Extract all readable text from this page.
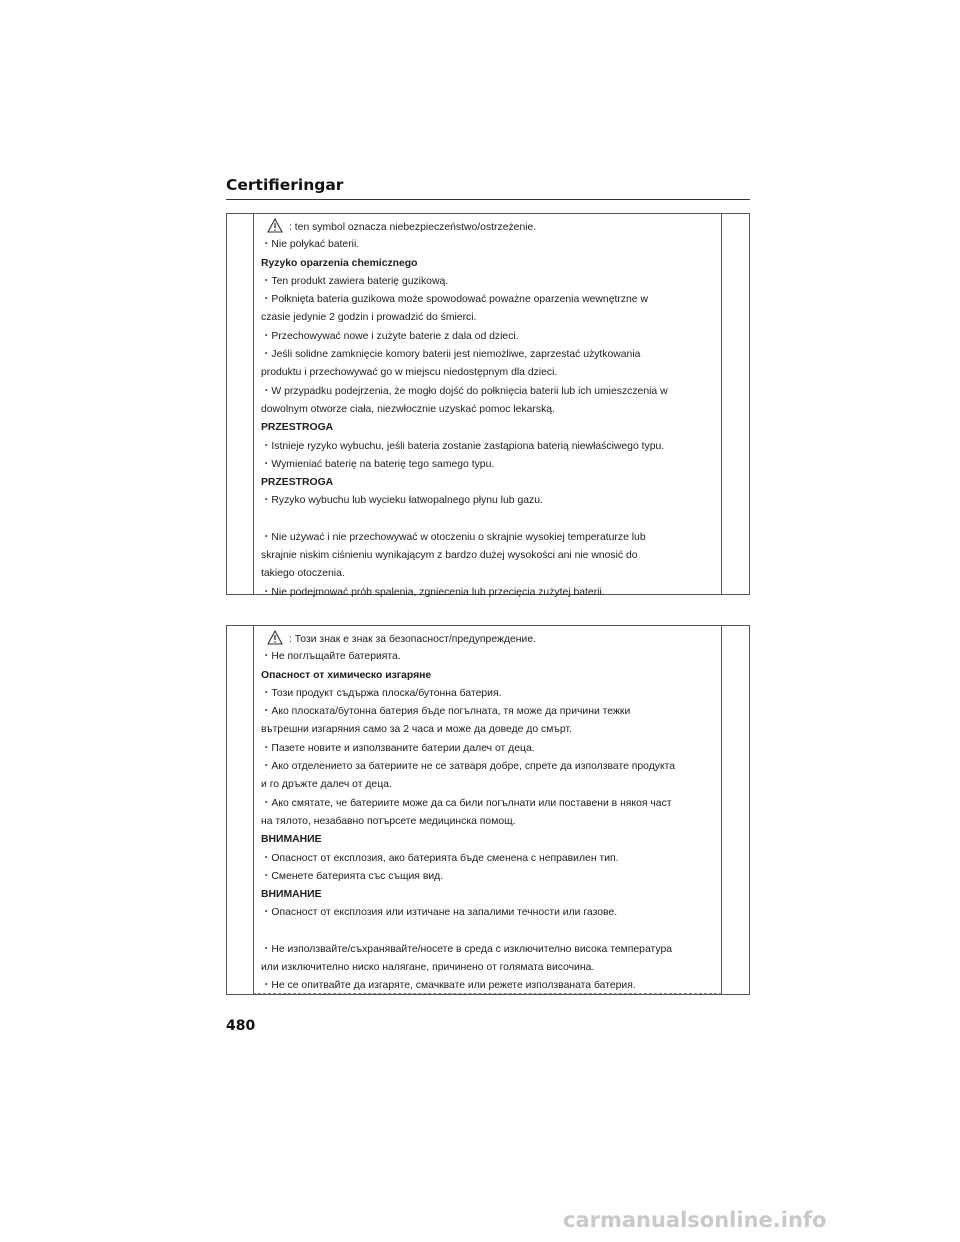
Certifieringar
: ten symbol oznacza niebezpieczeństwo/ostrzeżenie.
・Nie połykać baterii.
Ryzyko oparzenia chemicznego
・Ten produkt zawiera baterię guzikową.
・Połknięta bateria guzikowa może spowodować poważne oparzenia wewnętrzne w
czasie jedynie 2 godzin i prowadzić do śmierci.
・Przechowywać nowe i zużyte baterie z dala od dzieci.
・Jeśli solidne zamknięcie komory baterii jest niemożliwe, zaprzestać użytkowania
produktu i przechowywać go w miejscu niedostępnym dla dzieci.
・W przypadku podejrzenia, że mogło dojść do połknięcia baterii lub ich umieszczenia w
dowolnym otworze ciała, niezwłocznie uzyskać pomoc lekarską.
PRZESTROGA
・Istnieje ryzyko wybuchu, jeśli bateria zostanie zastąpiona baterią niewłaściwego typu.
・Wymieniać baterię na baterię tego samego typu.
PRZESTROGA
・Ryzyko wybuchu lub wycieku łatwopalnego płynu lub gazu.
・Nie używać i nie przechowywać w otoczeniu o skrajnie wysokiej temperaturze lub
skrajnie niskim ciśnieniu wynikającym z bardzo dużej wysokości ani nie wnosić do
takiego otoczenia.
・Nie podejmować prób spalenia, zgniecenia lub przecięcia zużytej baterii.
: Този знак е знак за безопасност/предупреждение.
・Не поглъщайте батерията.
Опасност от химическо изгаряне
・Този продукт съдържа плоска/бутонна батерия.
・Ако плоската/бутонна батерия бъде погълната, тя може да причини тежки
вътрешни изгаряния само за 2 часа и може да доведе до смърт.
・Пазете новите и използваните батерии далеч от деца.
・Ако отделението за батериите не се затваря добре, спрете да използвате продукта
и го дръжте далеч от деца.
・Ако смятате, че батериите може да са били погълнати или поставени в някоя част
на тялото, незабавно потърсете медицинска помощ.
ВНИМАНИЕ
・Опасност от експлозия, ако батерията бъде сменена с неправилен тип.
・Сменете батерията със същия вид.
ВНИМАНИЕ
・Опасност от експлозия или изтичане на запалими течности или газове.
・Не използвайте/съхранявайте/носете в среда с изключително висока температура
или изключително ниско налягане, причинено от голямата височина.
・Не се опитвайте да изгаряте, смачквате или режете използваната батерия.
480
carmanualsonline.info
